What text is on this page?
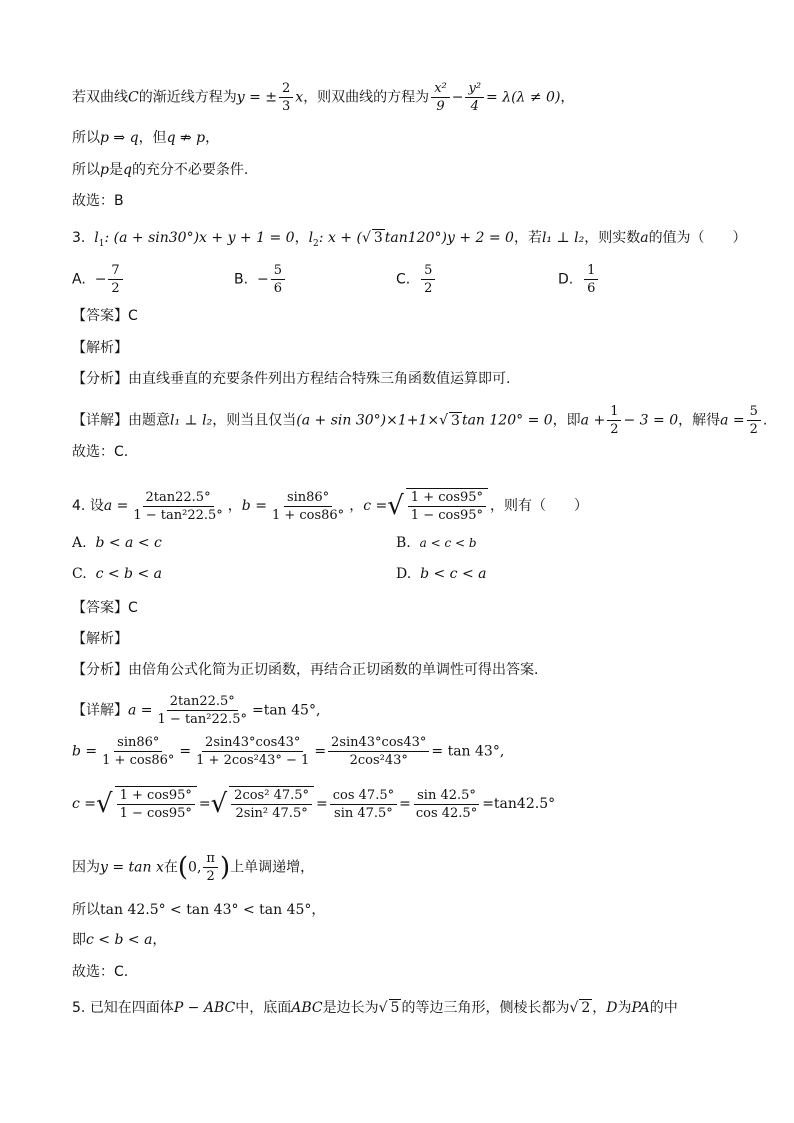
若双曲线C的渐近线方程为y = ± $\frac{2}{3}$ x，则双曲线的方程为 $\frac{\text{x²}}{9} - \frac{\text{y²}}{4} = \lambda(\lambda \ne 0)$，
所以p ⇒ q，但q ⇏ p，
所以p是q的充分不必要条件.
故选：B
3. $l_1$: (a + sin30°)x + y + 1 = 0，$l_2$: x + (√ 3 tan120°)y + 2 = 0，若l₁ ⊥ l₂，则实数a的值为（　　）
A. − $\frac{7}{2}$	B. − $\frac{5}{6}$	C. $\frac{5}{2}$	D. $\frac{1}{6}$
【答案】C
【解析】
【分析】由直线垂直的充要条件列出方程结合特殊三角函数值运算即可.
【详解】由题意l₁ ⊥ l₂，则当且仅当(a + sin 30°)×1+1×√ 3 tan 120° = 0，即$a + \frac{1}{2} - 3 = 0$，解得$a = \frac{5}{2}$ .
故选：C.
4. 设$a = \frac{2\tan 22.5^\circ}{\text{1 − tan²22.5°}}$ ，$b = \frac{\sin 86^\circ}{1 + \cos 86^\circ}$ ，c = √ $\frac{1 + \cos 95^\circ}{1 - \cos 95^\circ}$ ，则有（　　）
A. b < a < c	B. a < c < b
C. c < b < a	D. b < c < a
【答案】C
【解析】
【分析】由倍角公式化简为正切函数，再结合正切函数的单调性可得出答案.
【详解】$a = \frac{2\tan 22.5^\circ}{\text{1 − tan²22.5°}} =\tan$ 45°,
$b = \frac{\sin 86^\circ}{1 + \cos 86^\circ} = \frac{2\sin 43^\circ\cos 43^\circ}{\text{1 + 2cos²43° − 1}} = \frac{2\sin 43^\circ\cos 43^\circ}{\text{2cos²43°}} = \tan 43^\circ$,
c = √ $\frac{1 + \cos 95^\circ}{1 - \cos 95^\circ}$ = √ $\frac{\text{2cos² 47.5°}}{\text{2sin² 47.5°}} = \frac{\cos 47.5^\circ}{\sin 47.5^\circ} = \frac{\sin 42.5^\circ}{\cos 42.5^\circ} =\tan 42.5^\circ$
因为y = tan x在(0, $\frac{\pi}{2}$ )上单调递增，
所以tan 42.5° < tan 43° < tan 45°，
即c < b < a，
故选：C.
5. 已知在四面体P − ABC中，底面ABC是边长为√ 5 的等边三角形，侧棱长都为√ 2 ，D为PA的中
